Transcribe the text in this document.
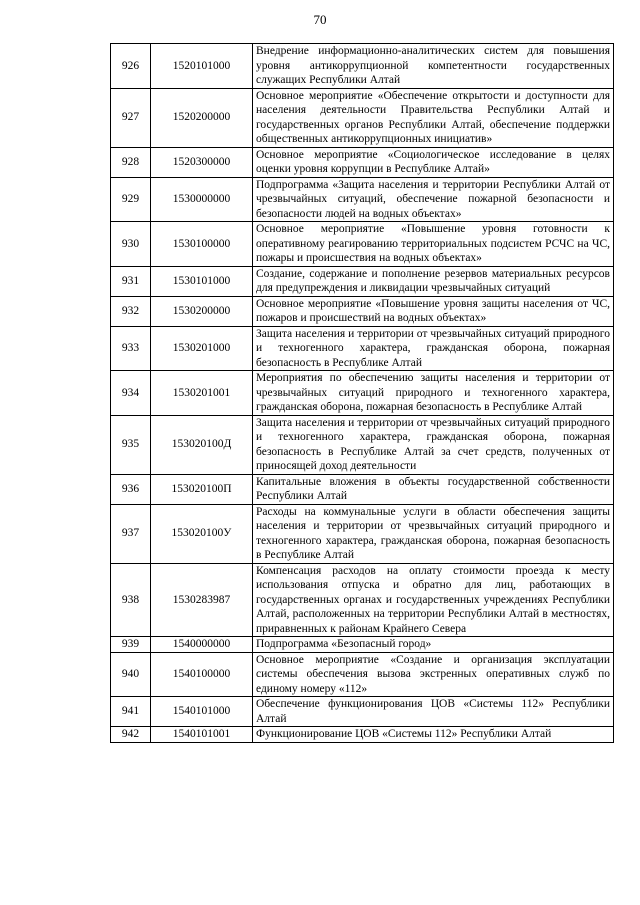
70
926	1520101000	Внедрение информационно-аналитических систем для повышения уровня антикоррупционной компетентности государственных служащих Республики Алтай
927	1520200000	Основное мероприятие «Обеспечение открытости и доступности для населения деятельности Правительства Республики Алтай и государственных органов Республики Алтай, обеспечение поддержки общественных антикоррупционных инициатив»
928	1520300000	Основное мероприятие «Социологическое исследование в целях оценки уровня коррупции в Республике Алтай»
929	1530000000	Подпрограмма «Защита населения и территории Республики Алтай от чрезвычайных ситуаций, обеспечение пожарной безопасности и безопасности людей на водных объектах»
930	1530100000	Основное мероприятие «Повышение уровня готовности к оперативному реагированию территориальных подсистем РСЧС на ЧС, пожары и происшествия на водных объектах»
931	1530101000	Создание, содержание и пополнение резервов материальных ресурсов для предупреждения и ликвидации чрезвычайных ситуаций
932	1530200000	Основное мероприятие «Повышение уровня защиты населения от ЧС, пожаров и происшествий на водных объектах»
933	1530201000	Защита населения и территории от чрезвычайных ситуаций природного и техногенного характера, гражданская оборона, пожарная безопасность в Республике Алтай
934	1530201001	Мероприятия по обеспечению защиты населения и территории от чрезвычайных ситуаций природного и техногенного характера, гражданская оборона, пожарная безопасность в Республике Алтай
935	153020100Д	Защита населения и территории от чрезвычайных ситуаций природного и техногенного характера, гражданская оборона, пожарная безопасность в Республике Алтай за счет средств, полученных от приносящей доход деятельности
936	153020100П	Капитальные вложения в объекты государственной собственности Республики Алтай
937	153020100У	Расходы на коммунальные услуги в области обеспечения защиты населения и территории от чрезвычайных ситуаций природного и техногенного характера, гражданская оборона, пожарная безопасность в Республике Алтай
938	1530283987	Компенсация расходов на оплату стоимости проезда к месту использования отпуска и обратно для лиц, работающих в государственных органах и государственных учреждениях Республики Алтай, расположенных на территории Республики Алтай в местностях, приравненных к районам Крайнего Севера
939	1540000000	Подпрограмма «Безопасный город»
940	1540100000	Основное мероприятие «Создание и организация эксплуатации системы обеспечения вызова экстренных оперативных служб по единому номеру «112»
941	1540101000	Обеспечение функционирования ЦОВ «Системы 112» Республики Алтай
942	1540101001	Функционирование ЦОВ «Системы 112» Республики Алтай
